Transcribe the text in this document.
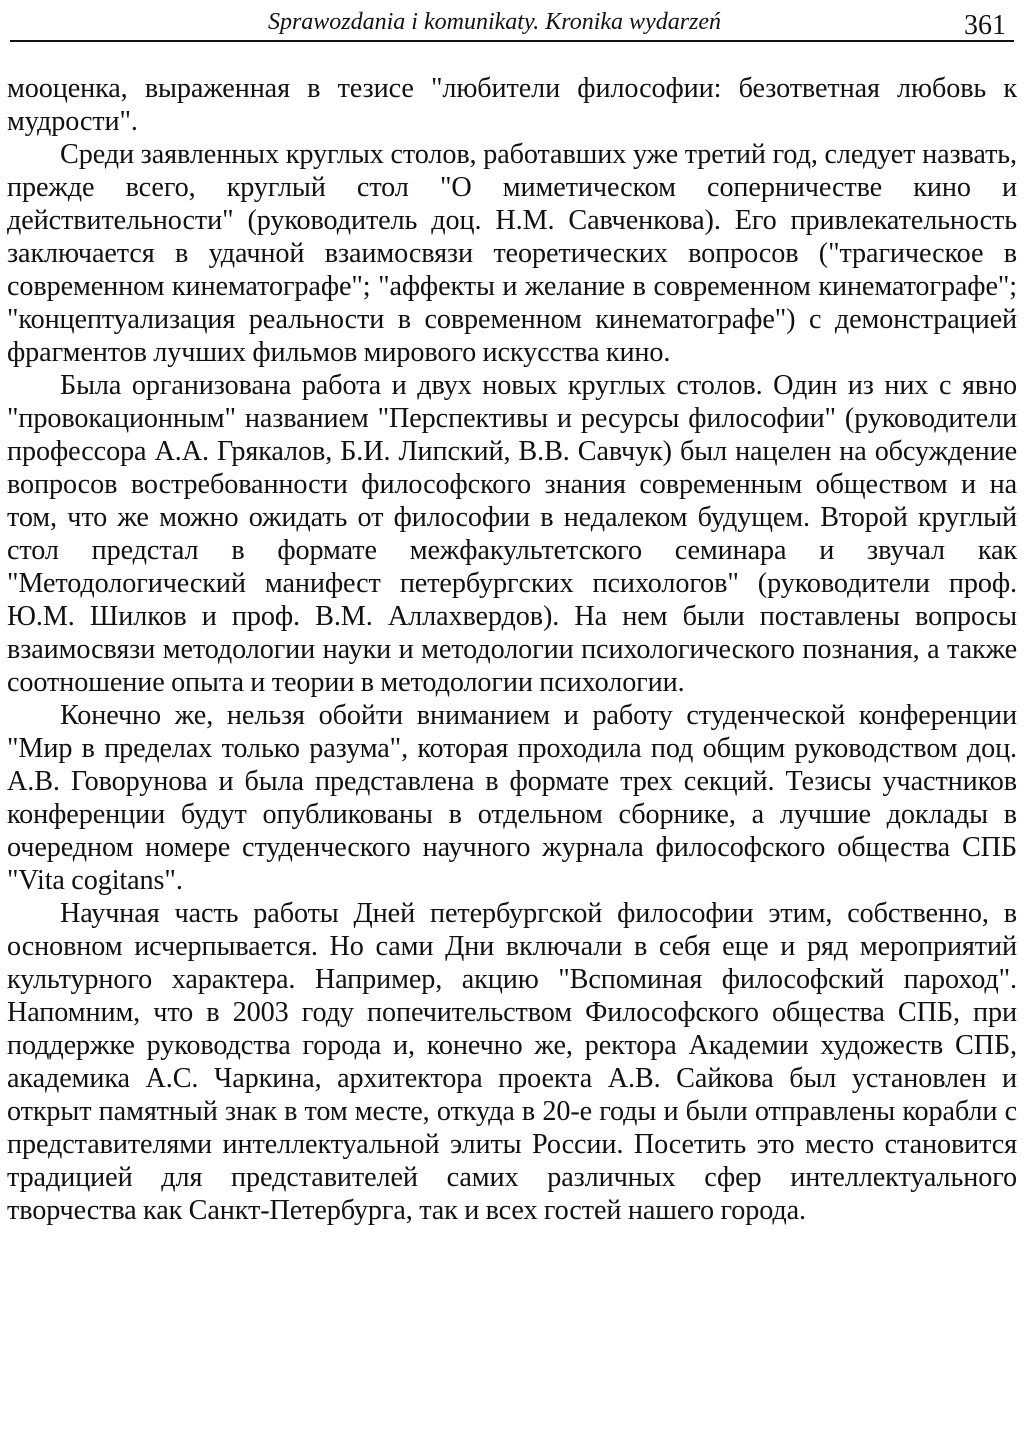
Sprawozdania i komunikaty. Kronika wydarzeń	361

мооценка, выраженная в тезисе "любители философии: безответная любовь к мудрости".

Среди заявленных круглых столов, работавших уже третий год, следует назвать, прежде всего, круглый стол "О миметическом соперничестве кино и действительности" (руководитель доц. Н.М. Савченкова). Его привлекательность заключается в удачной взаимосвязи теоретических вопросов ("трагическое в современном кинематографе"; "аффекты и желание в современном кинематографе"; "концептуализация реальности в современном кинематографе") с демонстрацией фрагментов лучших фильмов мирового искусства кино.

Была организована работа и двух новых круглых столов. Один из них с явно "провокационным" названием "Перспективы и ресурсы философии" (руководители профессора А.А. Грякалов, Б.И. Липский, В.В. Савчук) был нацелен на обсуждение вопросов востребованности философского знания современным обществом и на том, что же можно ожидать от философии в недалеком будущем. Второй круглый стол предстал в формате межфакультетского семинара и звучал как "Методологический манифест петербургских психологов" (руководители проф. Ю.М. Шилков и проф. В.М. Аллахвердов). На нем были поставлены вопросы взаимосвязи методологии науки и методологии психологического познания, а также соотношение опыта и теории в методологии психологии.

Конечно же, нельзя обойти вниманием и работу студенческой конференции "Мир в пределах только разума", которая проходила под общим руководством доц. А.В. Говорунова и была представлена в формате трех секций. Тезисы участников конференции будут опубликованы в отдельном сборнике, а лучшие доклады в очередном номере студенческого научного журнала философского общества СПБ "Vita cogitans".

Научная часть работы Дней петербургской философии этим, собственно, в основном исчерпывается. Но сами Дни включали в себя еще и ряд мероприятий культурного характера. Например, акцию "Вспоминая философский пароход". Напомним, что в 2003 году попечительством Философского общества СПБ, при поддержке руководства города и, конечно же, ректора Академии художеств СПБ, академика А.С. Чаркина, архитектора проекта А.В. Сайкова был установлен и открыт памятный знак в том месте, откуда в 20-е годы и были отправлены корабли с представителями интеллектуальной элиты России. Посетить это место становится традицией для представителей самих различных сфер интеллектуального творчества как Санкт-Петербурга, так и всех гостей нашего города.
